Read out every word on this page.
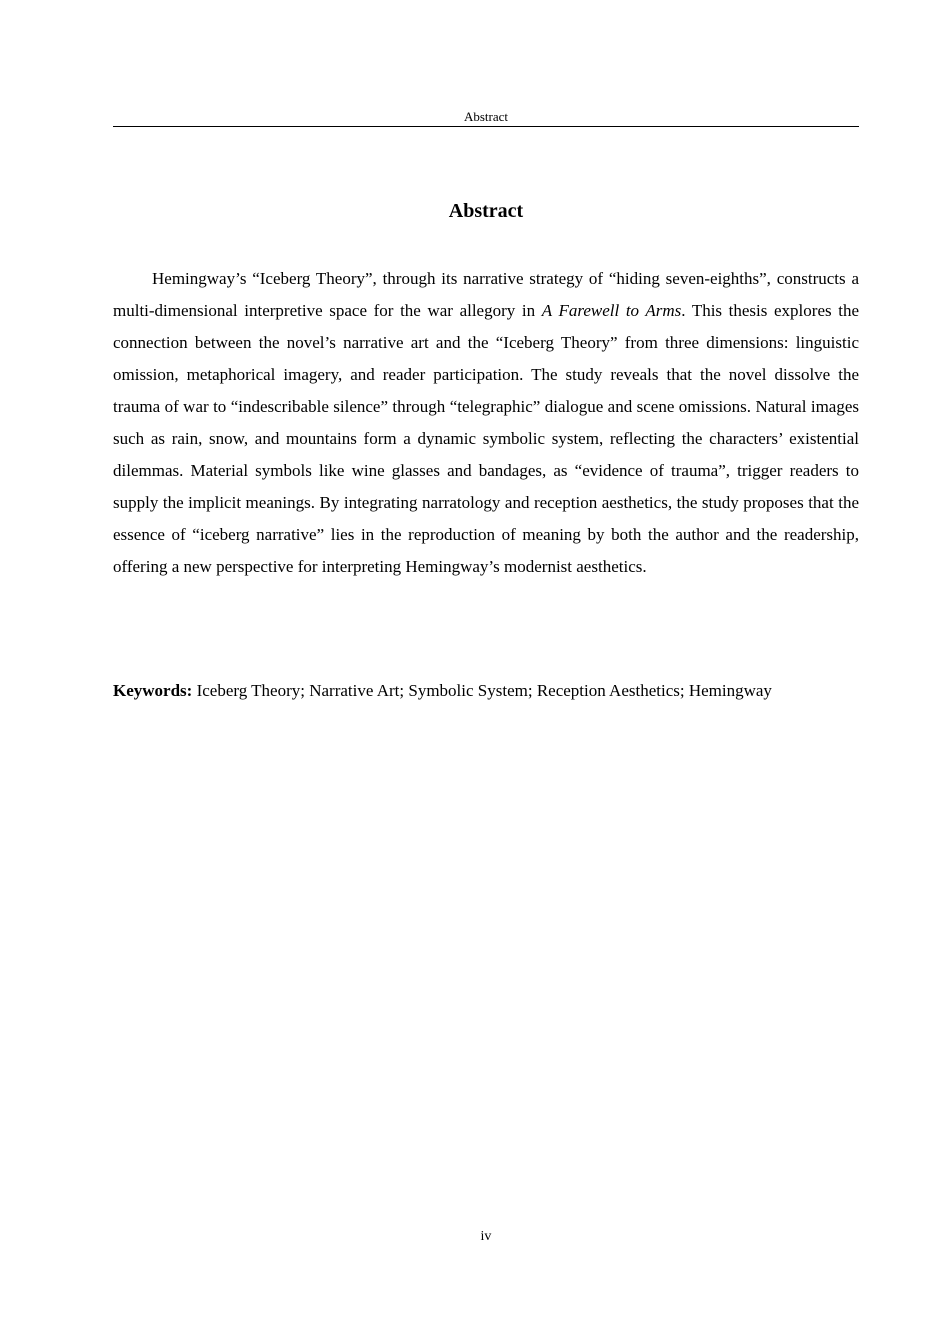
Abstract
Abstract

Hemingway’s “Iceberg Theory”, through its narrative strategy of “hiding seven-eighths”, constructs a multi-dimensional interpretive space for the war allegory in A Farewell to Arms. This thesis explores the connection between the novel’s narrative art and the “Iceberg Theory” from three dimensions: linguistic omission, metaphorical imagery, and reader participation. The study reveals that the novel dissolve the trauma of war to “indescribable silence” through “telegraphic” dialogue and scene omissions. Natural images such as rain, snow, and mountains form a dynamic symbolic system, reflecting the characters’ existential dilemmas. Material symbols like wine glasses and bandages, as “evidence of trauma”, trigger readers to supply the implicit meanings. By integrating narratology and reception aesthetics, the study proposes that the essence of “iceberg narrative” lies in the reproduction of meaning by both the author and the readership, offering a new perspective for interpreting Hemingway’s modernist aesthetics.

Keywords: Iceberg Theory; Narrative Art; Symbolic System; Reception Aesthetics; Hemingway

iv
